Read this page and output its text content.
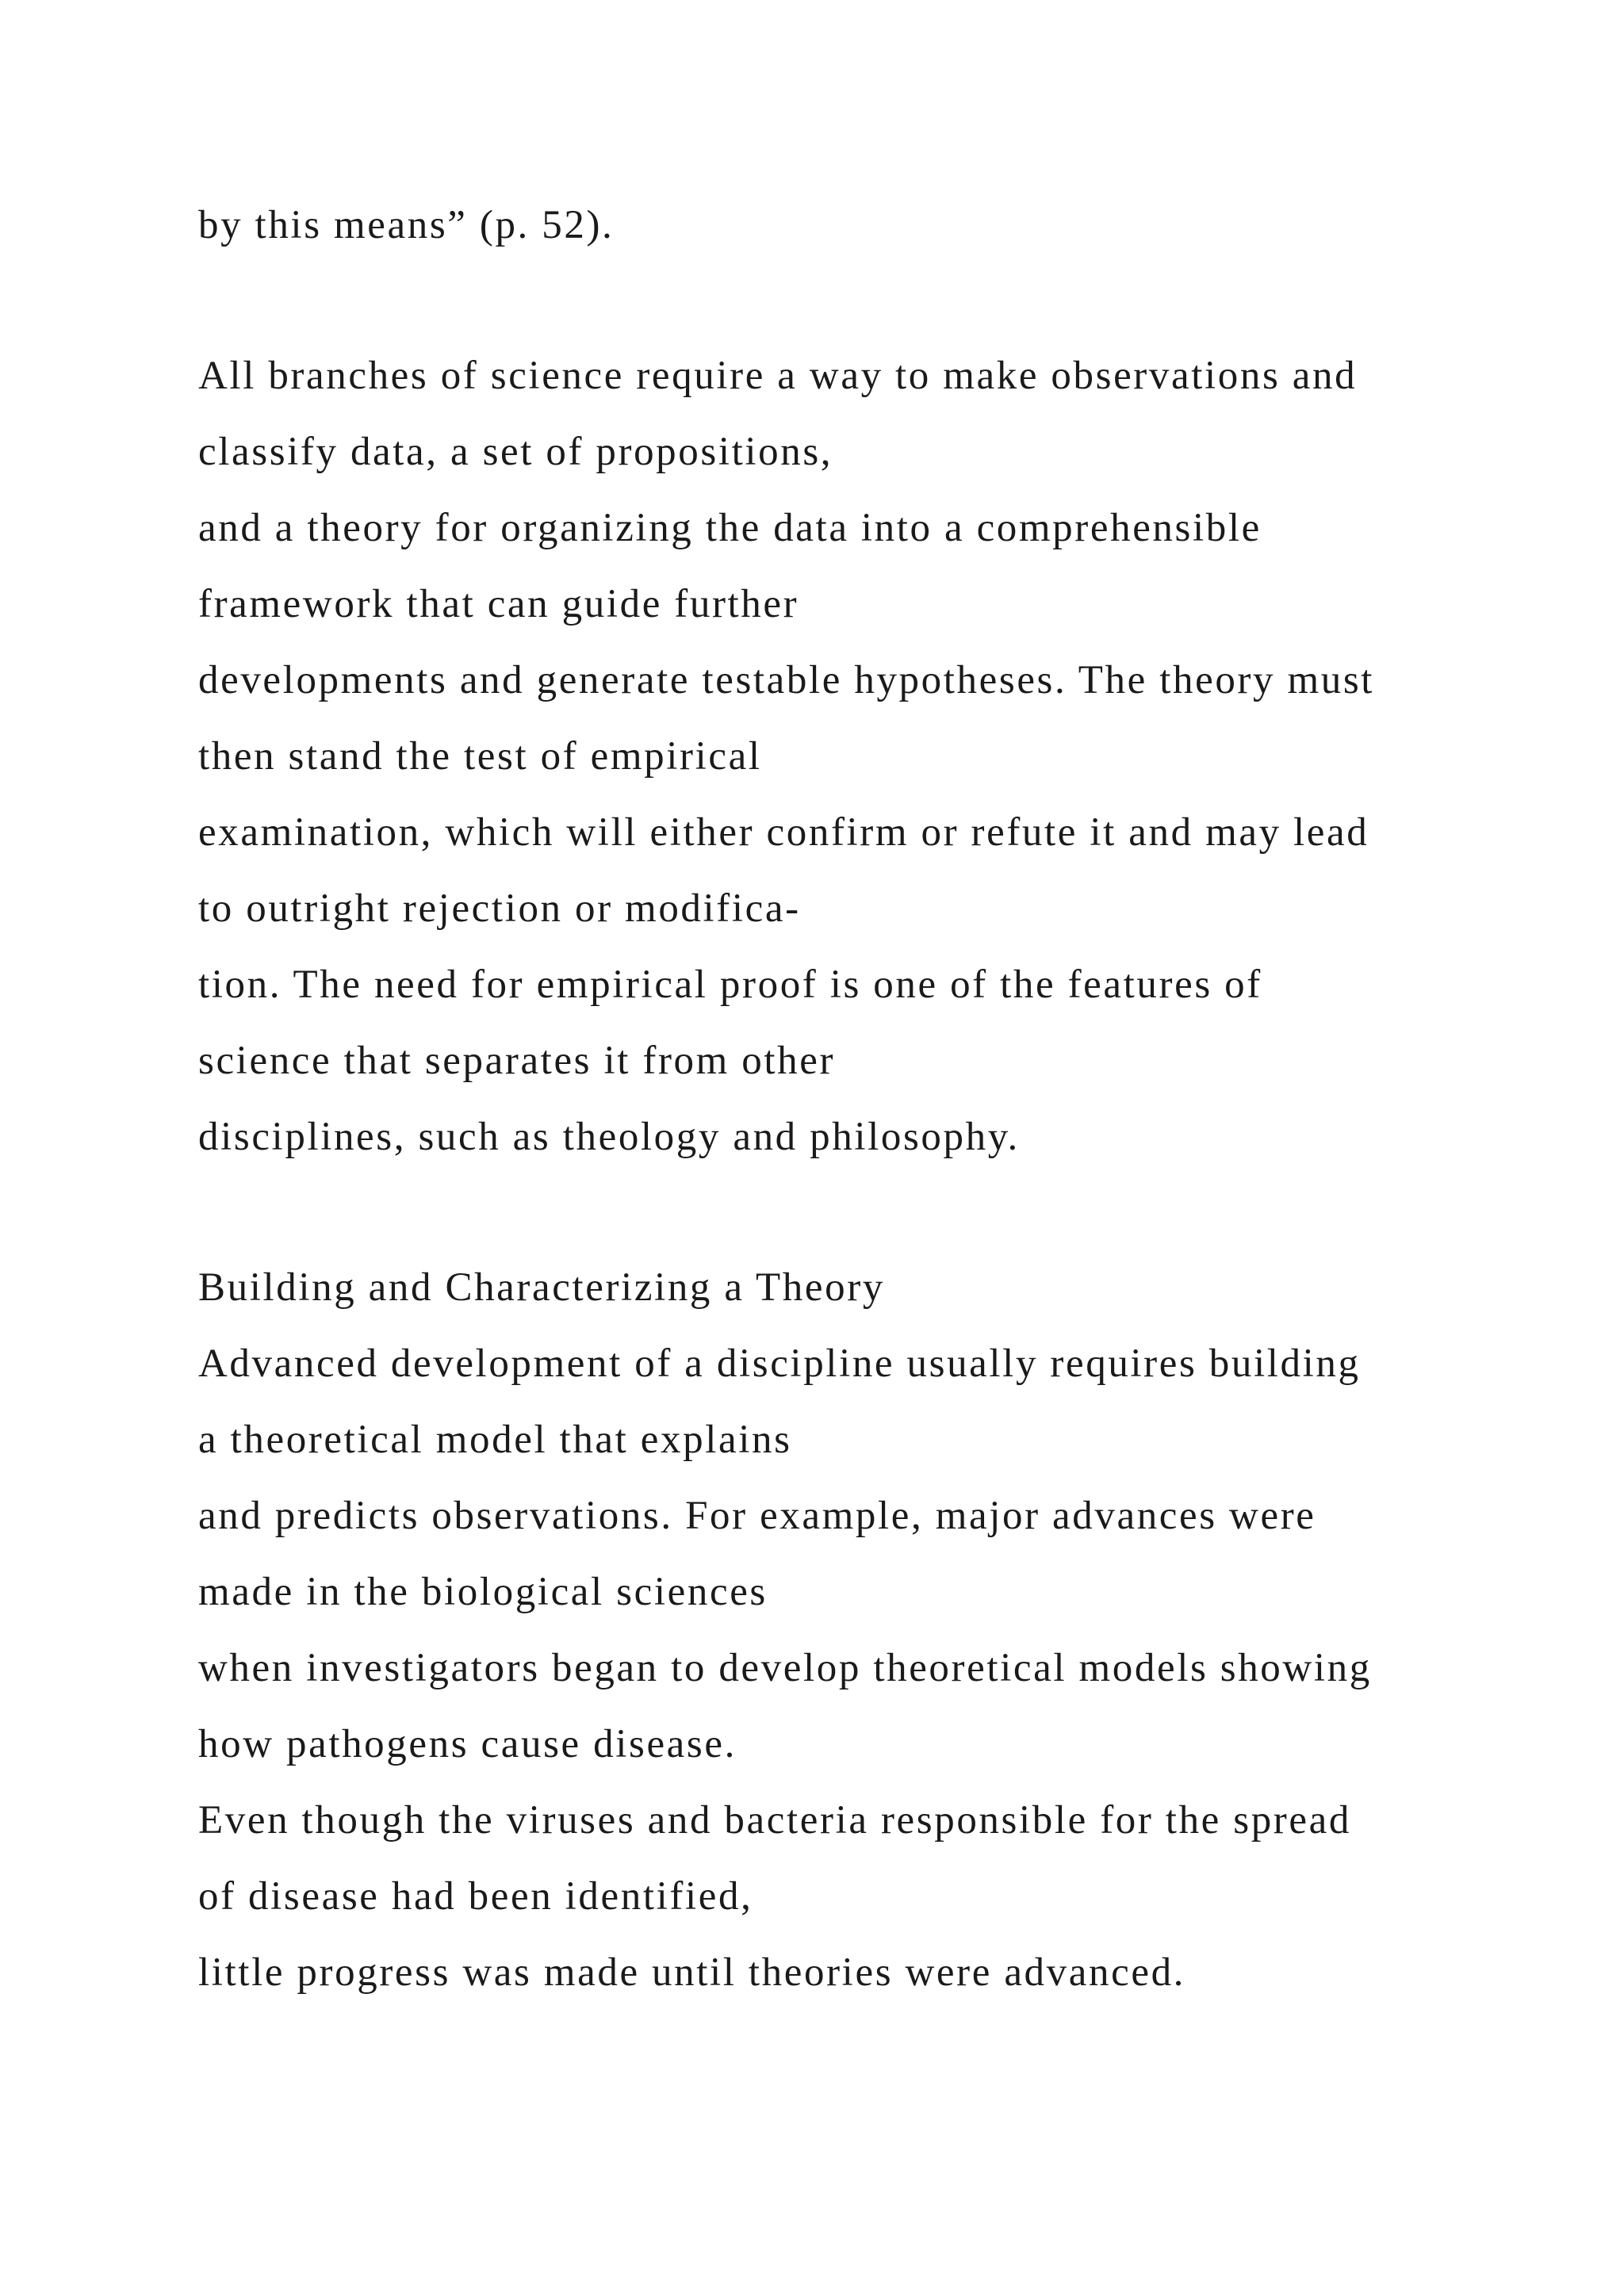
by this means” (p. 52).
All branches of science require a way to make observations and
classify data, a set of propositions,
and a theory for organizing the data into a comprehensible
framework that can guide further
developments and generate testable hypotheses. The theory must
then stand the test of empirical
examination, which will either confirm or refute it and may lead
to outright rejection or modifica-
tion. The need for empirical proof is one of the features of
science that separates it from other
disciplines, such as theology and philosophy.
Building and Characterizing a Theory
Advanced development of a discipline usually requires building
a theoretical model that explains
and predicts observations. For example, major advances were
made in the biological sciences
when investigators began to develop theoretical models showing
how pathogens cause disease.
Even though the viruses and bacteria responsible for the spread
of disease had been identified,
little progress was made until theories were advanced.
